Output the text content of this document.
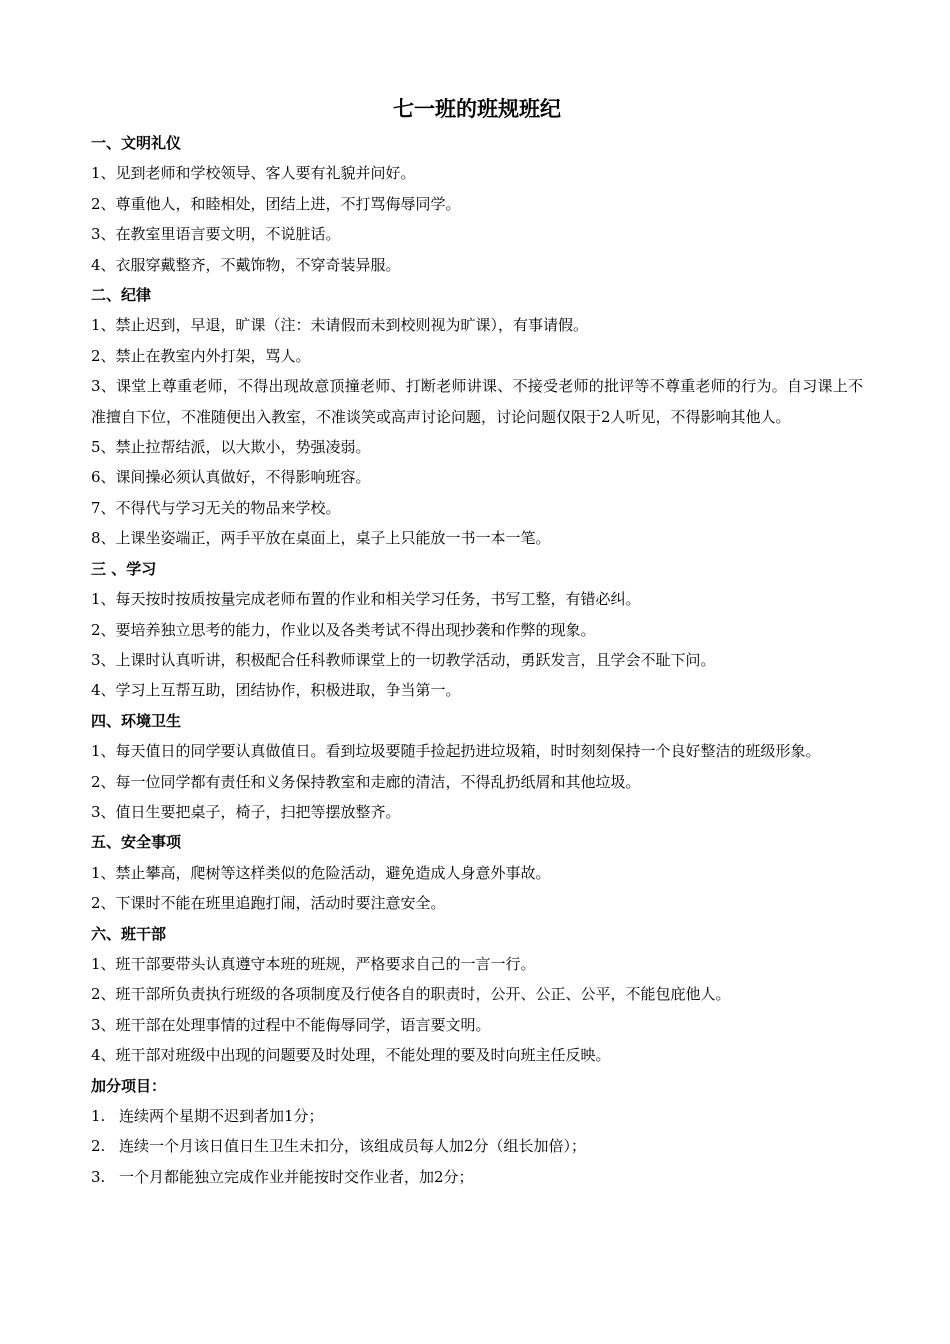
七一班的班规班纪
一、文明礼仪
1、见到老师和学校领导、客人要有礼貌并问好。
2、尊重他人，和睦相处，团结上进，不打骂侮辱同学。
3、在教室里语言要文明，不说脏话。
4、衣服穿戴整齐，不戴饰物，不穿奇装异服。
二、纪律
1、禁止迟到，早退，旷课（注：未请假而未到校则视为旷课），有事请假。
2、禁止在教室内外打架，骂人。
3、课堂上尊重老师，不得出现故意顶撞老师、打断老师讲课、不接受老师的批评等不尊重老师的行为。自习课上不准擅自下位，不准随便出入教室，不准谈笑或高声讨论问题，讨论问题仅限于2人听见，不得影响其他人。
5、禁止拉帮结派，以大欺小，势强凌弱。
6、课间操必须认真做好，不得影响班容。
7、不得代与学习无关的物品来学校。
8、上课坐姿端正，两手平放在桌面上，桌子上只能放一书一本一笔。
三 、学习
1、每天按时按质按量完成老师布置的作业和相关学习任务，书写工整，有错必纠。
2、要培养独立思考的能力，作业以及各类考试不得出现抄袭和作弊的现象。
3、上课时认真听讲，积极配合任科教师课堂上的一切教学活动，勇跃发言，且学会不耻下问。
4、学习上互帮互助，团结协作，积极进取，争当第一。
四、环境卫生
1、每天值日的同学要认真做值日。看到垃圾要随手捡起扔进垃圾箱，时时刻刻保持一个良好整洁的班级形象。
2、每一位同学都有责任和义务保持教室和走廊的清洁，不得乱扔纸屑和其他垃圾。
3、值日生要把桌子，椅子，扫把等摆放整齐。
五、安全事项
1、禁止攀高，爬树等这样类似的危险活动，避免造成人身意外事故。
2、下课时不能在班里追跑打闹，活动时要注意安全。
六、班干部
1、班干部要带头认真遵守本班的班规，严格要求自己的一言一行。
2、班干部所负责执行班级的各项制度及行使各自的职责时，公开、公正、公平，不能包庇他人。
3、班干部在处理事情的过程中不能侮辱同学，语言要文明。
4、班干部对班级中出现的问题要及时处理，不能处理的要及时向班主任反映。
加分项目：
1. 连续两个星期不迟到者加1分；
2. 连续一个月该日值日生卫生未扣分，该组成员每人加2分（组长加倍）；
3. 一个月都能独立完成作业并能按时交作业者，加2分；
